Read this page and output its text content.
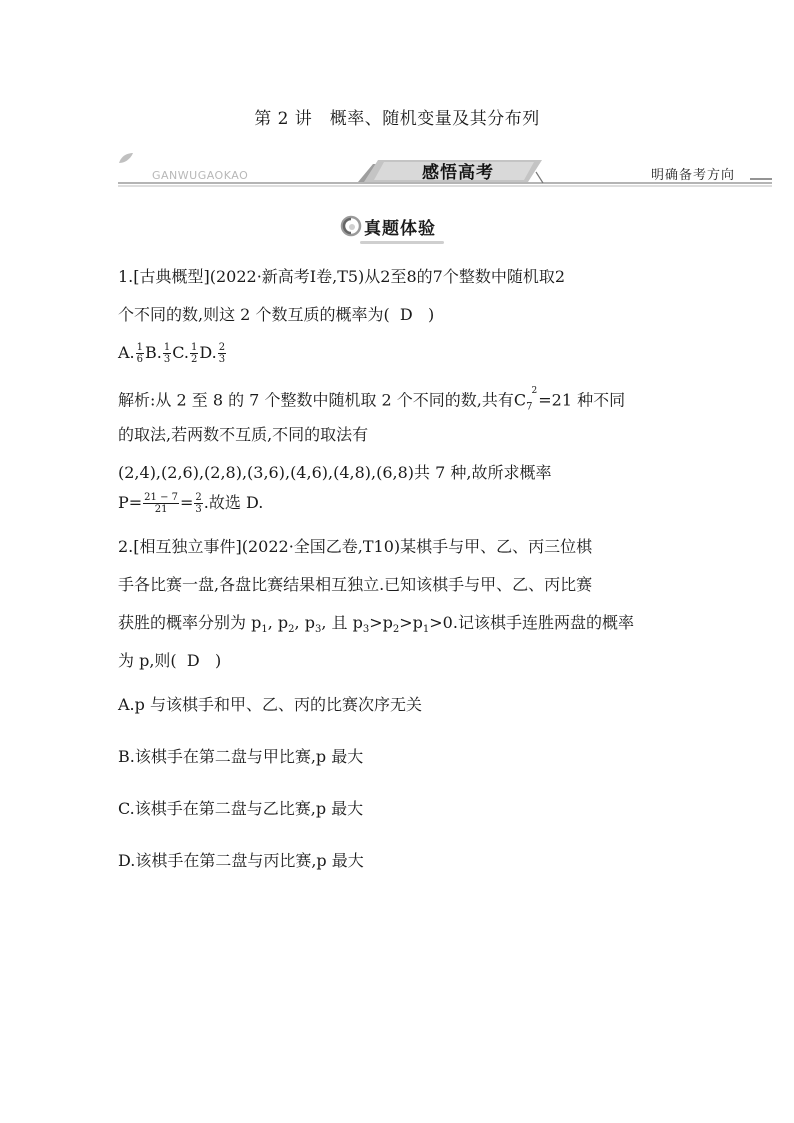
第 2 讲　概率、随机变量及其分布列
GANWUGAOKAO	感悟高考	明确备考方向
真题体验
1.[古典概型](2022·新高考Ⅰ卷,T5)从2至8的7个整数中随机取2
个不同的数,则这 2 个数互质的概率为( D )
A. $\frac{1}{6} B$. $\frac{1}{3} C$. $\frac{1}{2} D$. $\frac{2}{3}$
解析:从 2 至 8 的 7 个整数中随机取 2 个不同的数,共有$C_7^2=21$ 种不同
的取法,若两数不互质,不同的取法有
(2,4),(2,6),(2,8),(3,6),(4,6),(4,8),(6,8)共 7 种,故所求概率
$P= \frac{21 - 7}{21} = \frac{2}{3}$ .故选 D.
2.[相互独立事件](2022·全国乙卷,T10)某棋手与甲、乙、丙三位棋
手各比赛一盘,各盘比赛结果相互独立.已知该棋手与甲、乙、丙比赛
获胜的概率分别为 $p_1$, $p_2$, $p_3$, 且 $p_3>p_2>p_1>0$.记该棋手连胜两盘的概率
为 p,则( D )
A.p 与该棋手和甲、乙、丙的比赛次序无关
B.该棋手在第二盘与甲比赛,p 最大
C.该棋手在第二盘与乙比赛,p 最大
D.该棋手在第二盘与丙比赛,p 最大
